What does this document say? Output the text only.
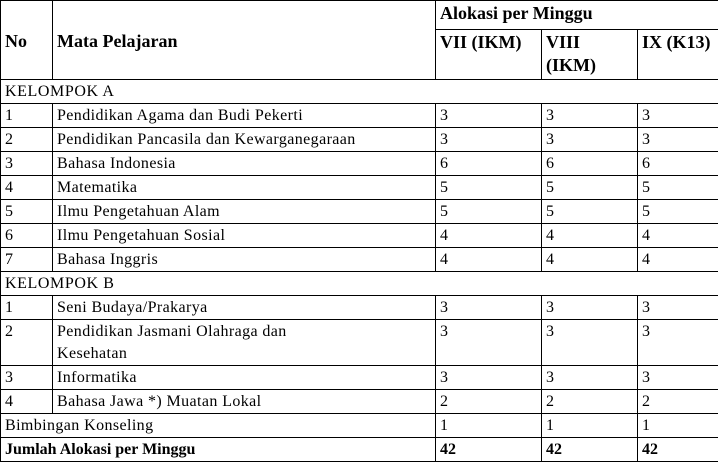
No	Mata Pelajaran	Alokasi per Minggu		
		VII (IKM)	VIII (IKM)	IX (K13)
KELOMPOK A				
1	Pendidikan Agama dan Budi Pekerti	3	3	3
2	Pendidikan Pancasila dan Kewarganegaraan	3	3	3
3	Bahasa Indonesia	6	6	6
4	Matematika	5	5	5
5	Ilmu Pengetahuan Alam	5	5	5
6	Ilmu Pengetahuan Sosial	4	4	4
7	Bahasa Inggris	4	4	4
KELOMPOK B				
1	Seni Budaya/Prakarya	3	3	3
2	Pendidikan Jasmani Olahraga dan Kesehatan	3	3	3
3	Informatika	3	3	3
4	Bahasa Jawa *) Muatan Lokal	2	2	2
Bimbingan Konseling		1	1	1
Jumlah Alokasi per Minggu		42	42	42
